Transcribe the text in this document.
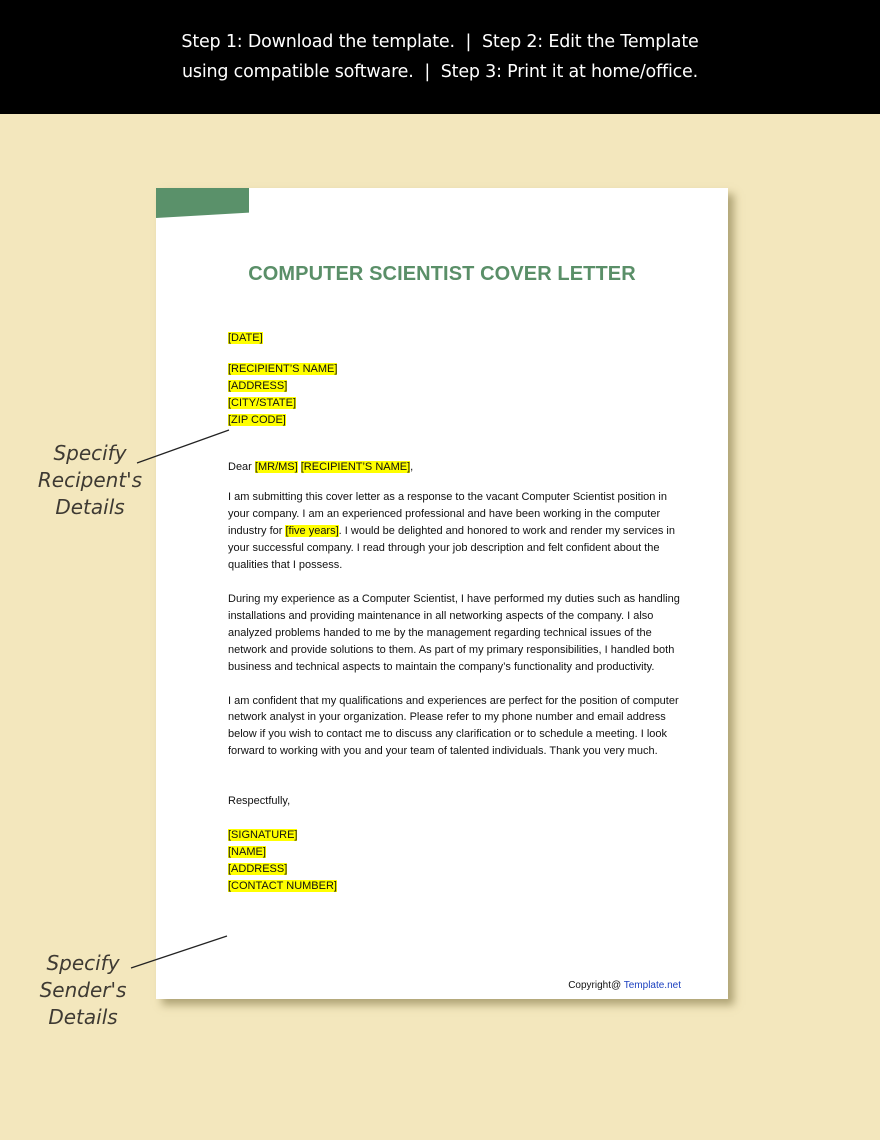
Step 1: Download the template.  |  Step 2: Edit the Template
using compatible software.  |  Step 3: Print it at home/office.
COMPUTER SCIENTIST COVER LETTER
[DATE]
[RECIPIENT’S NAME]
[ADDRESS]
[CITY/STATE]
[ZIP CODE]
Dear [MR/MS] [RECIPIENT’S NAME],

I am submitting this cover letter as a response to the vacant Computer Scientist position in your company. I am an experienced professional and have been working in the computer industry for [five years]. I would be delighted and honored to work and render my services in your successful company. I read through your job description and felt confident about the qualities that I possess.

During my experience as a Computer Scientist, I have performed my duties such as handling installations and providing maintenance in all networking aspects of the company. I also analyzed problems handed to me by the management regarding technical issues of the network and provide solutions to them. As part of my primary responsibilities, I handled both business and technical aspects to maintain the company’s functionality and productivity.

I am confident that my qualifications and experiences are perfect for the position of computer network analyst in your organization. Please refer to my phone number and email address below if you wish to contact me to discuss any clarification or to schedule a meeting. I look forward to working with you and your team of talented individuals. Thank you very much.

Respectfully,
[SIGNATURE]
[NAME]
[ADDRESS]
[CONTACT NUMBER]
Copyright@ Template.net
Specify
Recipent's
Details
Specify
Sender's
Details
